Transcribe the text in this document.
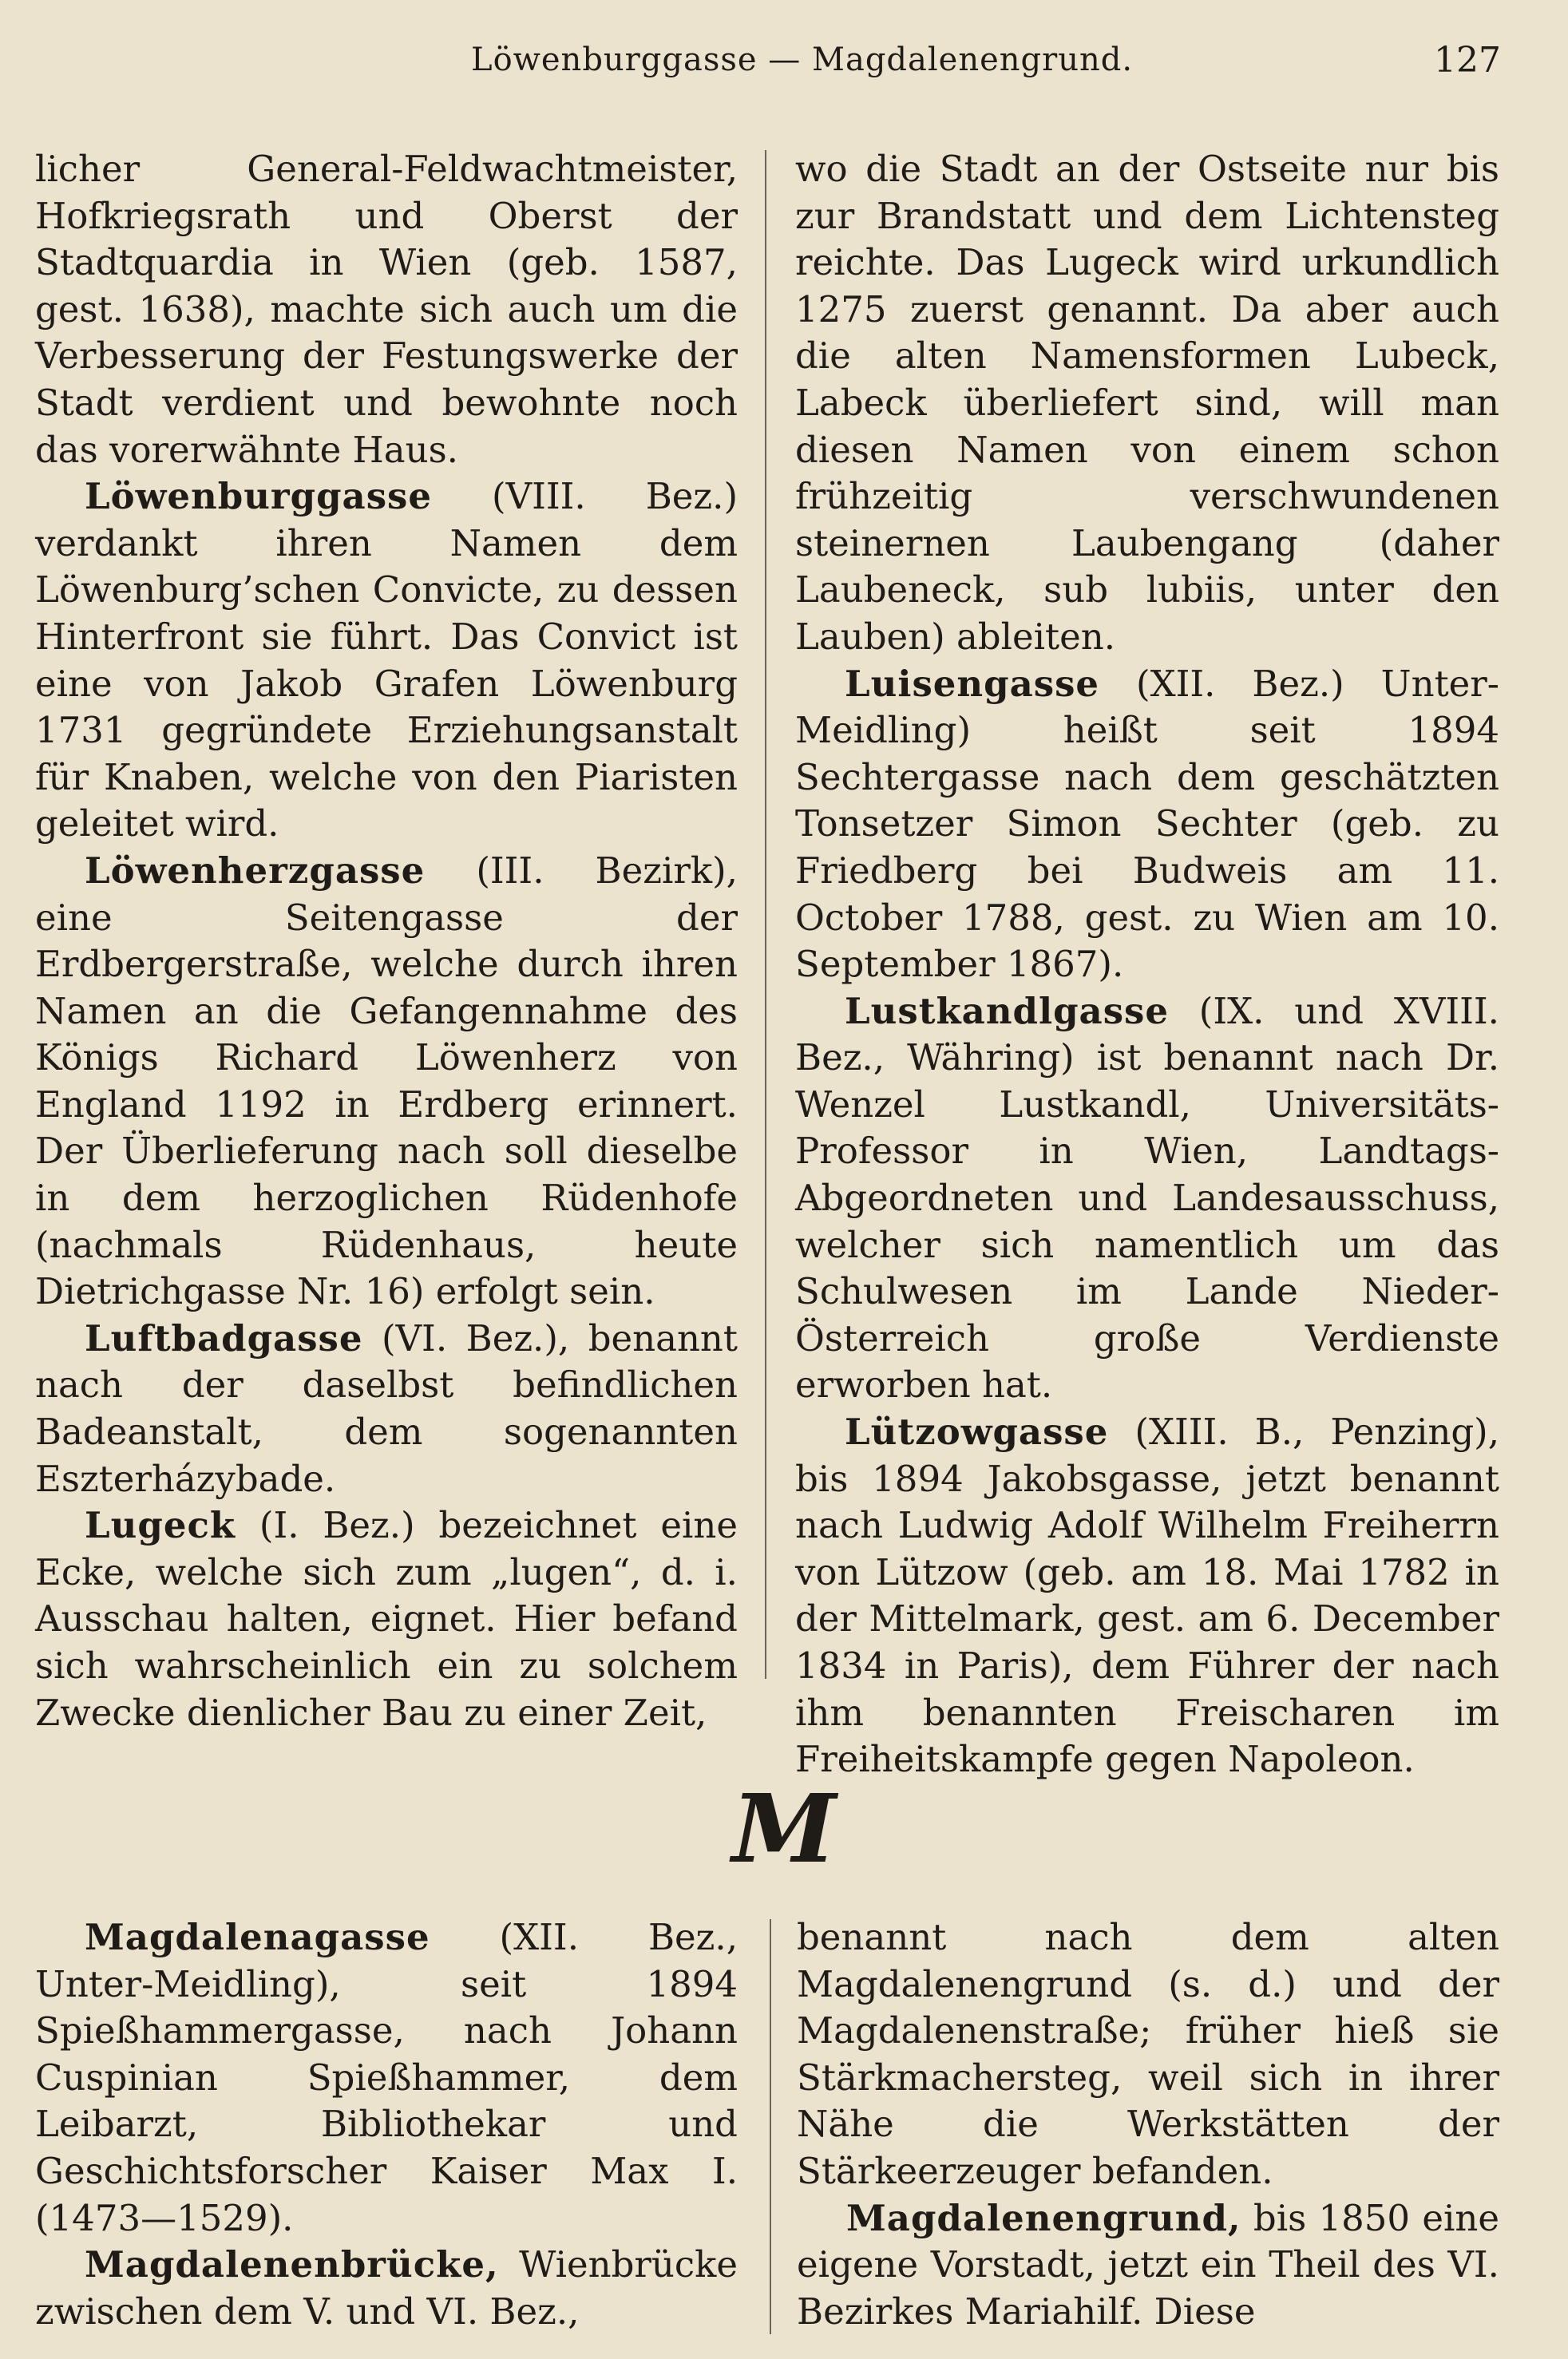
Löwenburggasse — Magdalenengrund.	127

licher General-Feldwachtmeister, Hofkriegsrath und Oberst der Stadtquardia in Wien (geb. 1587, gest. 1638), machte sich auch um die Verbesserung der Festungswerke der Stadt verdient und bewohnte noch das vorerwähnte Haus.

Löwenburggasse (VIII. Bez.) verdankt ihren Namen dem Löwenburg’schen Convicte, zu dessen Hinterfront sie führt. Das Convict ist eine von Jakob Grafen Löwenburg 1731 gegründete Erziehungsanstalt für Knaben, welche von den Piaristen geleitet wird.

Löwenherzgasse (III. Bezirk), eine Seitengasse der Erdbergerstraße, welche durch ihren Namen an die Gefangennahme des Königs Richard Löwenherz von England 1192 in Erdberg erinnert. Der Überlieferung nach soll dieselbe in dem herzoglichen Rüdenhofe (nachmals Rüdenhaus, heute Dietrichgasse Nr. 16) erfolgt sein.

Luftbadgasse (VI. Bez.), benannt nach der daselbst befindlichen Badeanstalt, dem sogenannten Eszterházybade.

Lugeck (I. Bez.) bezeichnet eine Ecke, welche sich zum „lugen“, d. i. Ausschau halten, eignet. Hier befand sich wahrscheinlich ein zu solchem Zwecke dienlicher Bau zu einer Zeit,

wo die Stadt an der Ostseite nur bis zur Brandstatt und dem Lichtensteg reichte. Das Lugeck wird urkundlich 1275 zuerst genannt. Da aber auch die alten Namensformen Lubeck, Labeck überliefert sind, will man diesen Namen von einem schon frühzeitig verschwundenen steinernen Laubengang (daher Laubeneck, sub lubiis, unter den Lauben) ableiten.

Luisengasse (XII. Bez.) Unter-Meidling) heißt seit 1894 Sechtergasse nach dem geschätzten Tonsetzer Simon Sechter (geb. zu Friedberg bei Budweis am 11. October 1788, gest. zu Wien am 10. September 1867).

Lustkandlgasse (IX. und XVIII. Bez., Währing) ist benannt nach Dr. Wenzel Lustkandl, Universitäts-Professor in Wien, Landtags-Abgeordneten und Landesausschuss, welcher sich namentlich um das Schulwesen im Lande Nieder-Österreich große Verdienste erworben hat.

Lützowgasse (XIII. B., Penzing), bis 1894 Jakobsgasse, jetzt benannt nach Ludwig Adolf Wilhelm Freiherrn von Lützow (geb. am 18. Mai 1782 in der Mittelmark, gest. am 6. December 1834 in Paris), dem Führer der nach ihm benannten Freischaren im Freiheitskampfe gegen Napoleon.

M

Magdalenagasse (XII. Bez., Unter-Meidling), seit 1894 Spießhammergasse, nach Johann Cuspinian Spießhammer, dem Leibarzt, Bibliothekar und Geschichtsforscher Kaiser Max I. (1473—1529).

Magdalenenbrücke, Wienbrücke zwischen dem V. und VI. Bez.,

benannt nach dem alten Magdalenengrund (s. d.) und der Magdalenenstraße; früher hieß sie Stärkmachersteg, weil sich in ihrer Nähe die Werkstätten der Stärkeerzeuger befanden.

Magdalenengrund, bis 1850 eine eigene Vorstadt, jetzt ein Theil des VI. Bezirkes Mariahilf. Diese
